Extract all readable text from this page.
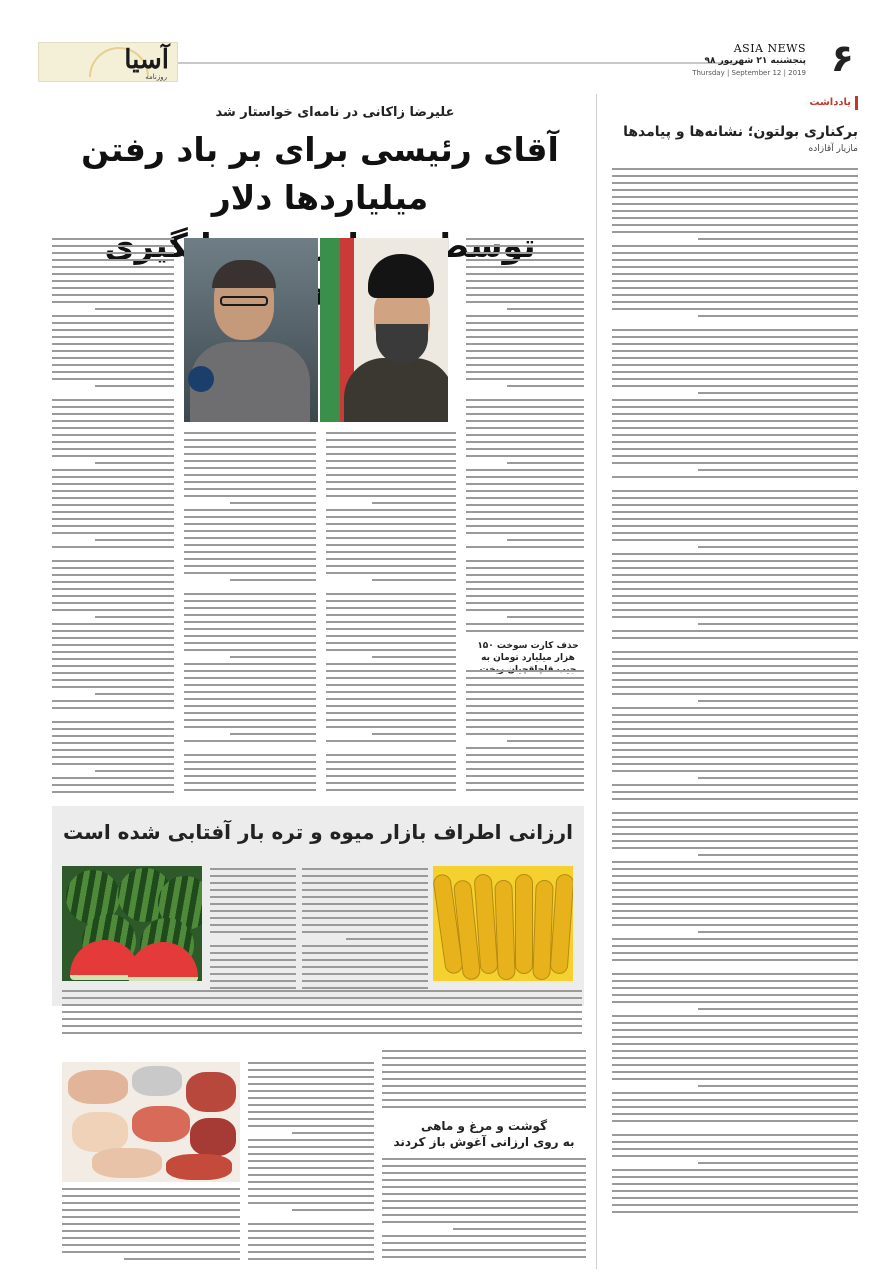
آسیا
روزنامه
ASIA NEWS
پنجشنبه ۲۱ شهریور ۹۸
Thursday | September 12 | 2019 ۶
یادداشت
برکناری بولتون؛ نشانه‌ها و پیامدها
مازیار آقازاده
علیرضا زاکانی در نامه‌ای خواستار شد
آقای رئیسی برای بر باد رفتن میلیاردها دلار
توسط جهانگیری
حذف کارت سوخت ۱۵۰ هزار میلیارد تومان به
ارزانی اطراف بازار میوه و تره بار آفتابی شده است
گوشت و مرغ و ماهی
به روی ارزانی آغوش باز کردند
